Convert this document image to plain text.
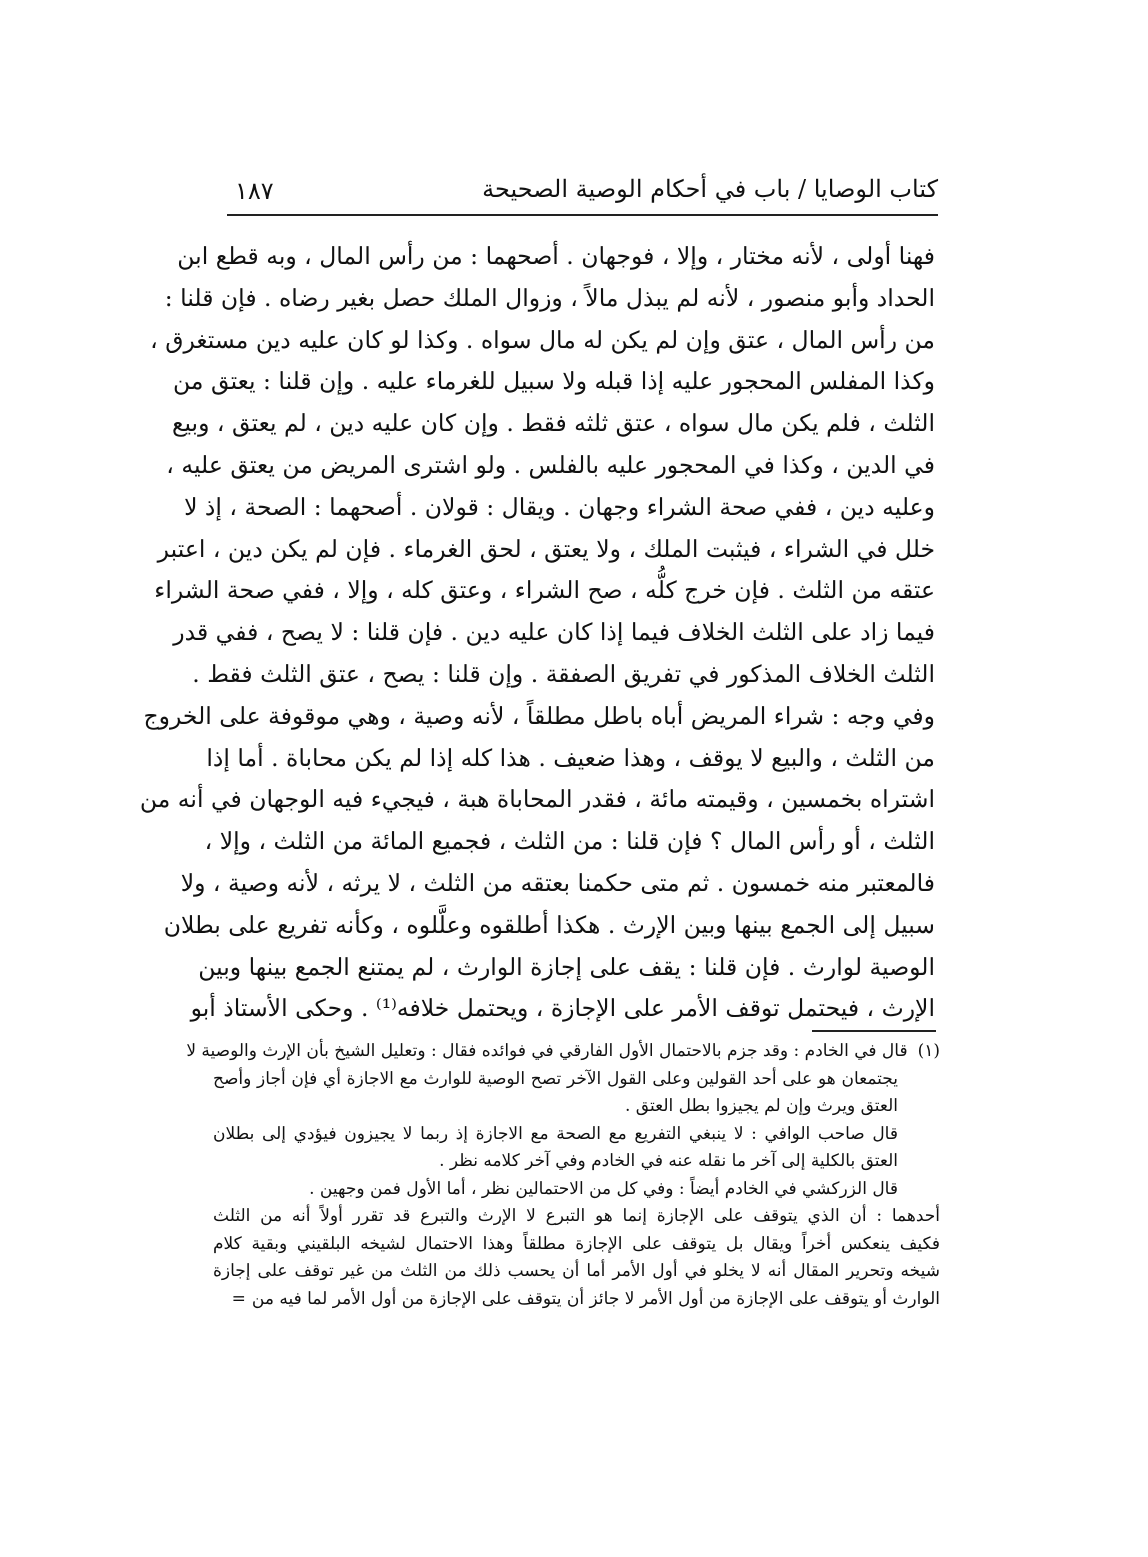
كتاب الوصايا / باب في أحكام الوصية الصحيحة
١٨٧
فهنا أولى ، لأنه مختار ، وإلا ، فوجهان . أصحهما : من رأس المال ، وبه قطع ابن
الحداد وأبو منصور ، لأنه لم يبذل مالاً ، وزوال الملك حصل بغير رضاه . فإن قلنا :
من رأس المال ، عتق وإن لم يكن له مال سواه . وكذا لو كان عليه دين مستغرق ،
وكذا المفلس المحجور عليه إذا قبله ولا سبيل للغرماء عليه . وإن قلنا : يعتق من
الثلث ، فلم يكن مال سواه ، عتق ثلثه فقط . وإن كان عليه دين ، لم يعتق ، وبيع
في الدين ، وكذا في المحجور عليه بالفلس . ولو اشترى المريض من يعتق عليه ،
وعليه دين ، ففي صحة الشراء وجهان . ويقال : قولان . أصحهما : الصحة ، إذ لا
خلل في الشراء ، فيثبت الملك ، ولا يعتق ، لحق الغرماء . فإن لم يكن دين ، اعتبر
عتقه من الثلث . فإن خرج كلُّه ، صح الشراء ، وعتق كله ، وإلا ، ففي صحة الشراء
فيما زاد على الثلث الخلاف فيما إذا كان عليه دين . فإن قلنا : لا يصح ، ففي قدر
الثلث الخلاف المذكور في تفريق الصفقة . وإن قلنا : يصح ، عتق الثلث فقط .
وفي وجه : شراء المريض أباه باطل مطلقاً ، لأنه وصية ، وهي موقوفة على الخروج
من الثلث ، والبيع لا يوقف ، وهذا ضعيف . هذا كله إذا لم يكن محاباة . أما إذا
اشتراه بخمسين ، وقيمته مائة ، فقدر المحاباة هبة ، فيجيء فيه الوجهان في أنه من
الثلث ، أو رأس المال ؟ فإن قلنا : من الثلث ، فجميع المائة من الثلث ، وإلا ،
فالمعتبر منه خمسون . ثم متى حكمنا بعتقه من الثلث ، لا يرثه ، لأنه وصية ، ولا
سبيل إلى الجمع بينها وبين الإرث . هكذا أطلقوه وعلَّلوه ، وكأنه تفريع على بطلان
الوصية لوارث . فإن قلنا : يقف على إجازة الوارث ، لم يمتنع الجمع بينها وبين
الإرث ، فيحتمل توقف الأمر على الإجازة ، ويحتمل خلافه⁽¹⁾ . وحكى الأستاذ أبو
(١)قال في الخادم : وقد جزم بالاحتمال الأول الفارقي في فوائده فقال : وتعليل الشيخ بأن الإرث والوصية لا
يجتمعان هو على أحد القولين وعلى القول الآخر تصح الوصية للوارث مع الاجازة أي فإن أجاز وأصح
العتق ويرث وإن لم يجيزوا بطل العتق .
قال صاحب الوافي : لا ينبغي التفريع مع الصحة مع الاجازة إذ ربما لا يجيزون فيؤدي إلى بطلان
العتق بالكلية إلى آخر ما نقله عنه في الخادم وفي آخر كلامه نظر .
قال الزركشي في الخادم أيضاً : وفي كل من الاحتمالين نظر ، أما الأول فمن وجهين .
أحدهما : أن الذي يتوقف على الإجازة إنما هو التبرع لا الإرث والتبرع قد تقرر أولاً أنه من الثلث
فكيف ينعكس أخراً ويقال بل يتوقف على الإجازة مطلقاً وهذا الاحتمال لشيخه البلقيني وبقية كلام
شيخه وتحرير المقال أنه لا يخلو في أول الأمر أما أن يحسب ذلك من الثلث من غير توقف على إجازة
الوارث أو يتوقف على الإجازة من أول الأمر لا جائز أن يتوقف على الإجازة من أول الأمر لما فيه من=
